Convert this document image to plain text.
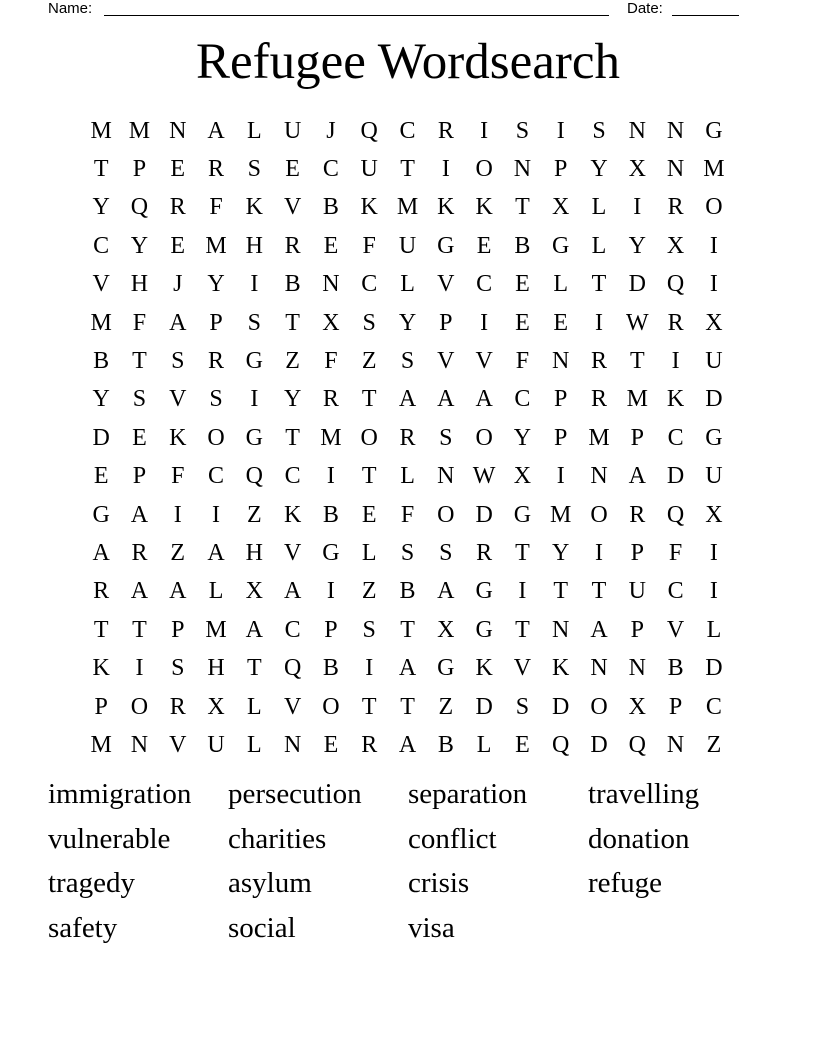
Name:	Date:
Refugee Wordsearch
M M N A L U	J	Q C R	I	S	I	S N N G
T	P	E R S	E C U T	I	O N P Y X N M
Y Q R F K V B K M K K T X L	I	R O
C Y E M H R E	F U G E B G L Y X	I
V H	J	Y	I	B N C L V C E L T D Q	I
M F A P	S	T X S Y P	I	E E	I W R X
B T	S R G Z	F	Z	S V V F N R T	I	U
Y S V S	I	Y R T A A A C P R M K D
D E K O G T M O R S O Y P M P C G
E	P	F C Q C	I	T L N W X	I	N A D U
G A	I	I	Z K B E	F O D G M O R Q X
A R Z A H V G L	S	S R T Y	I	P	F	I
R A A L X A	I	Z B A G	I	T T U C	I
T T	P M A C P	S	T X G T N A P V L
K	I	S H T Q B	I	A G K V K N N B D
P O R X L V O T T Z D S D O X P C
M N V U L N E R A B L E Q D Q N Z
immigration	persecution	separation	travelling
vulnerable	charities	conflict	donation
tragedy	asylum	crisis	refuge
safety	social	visa
